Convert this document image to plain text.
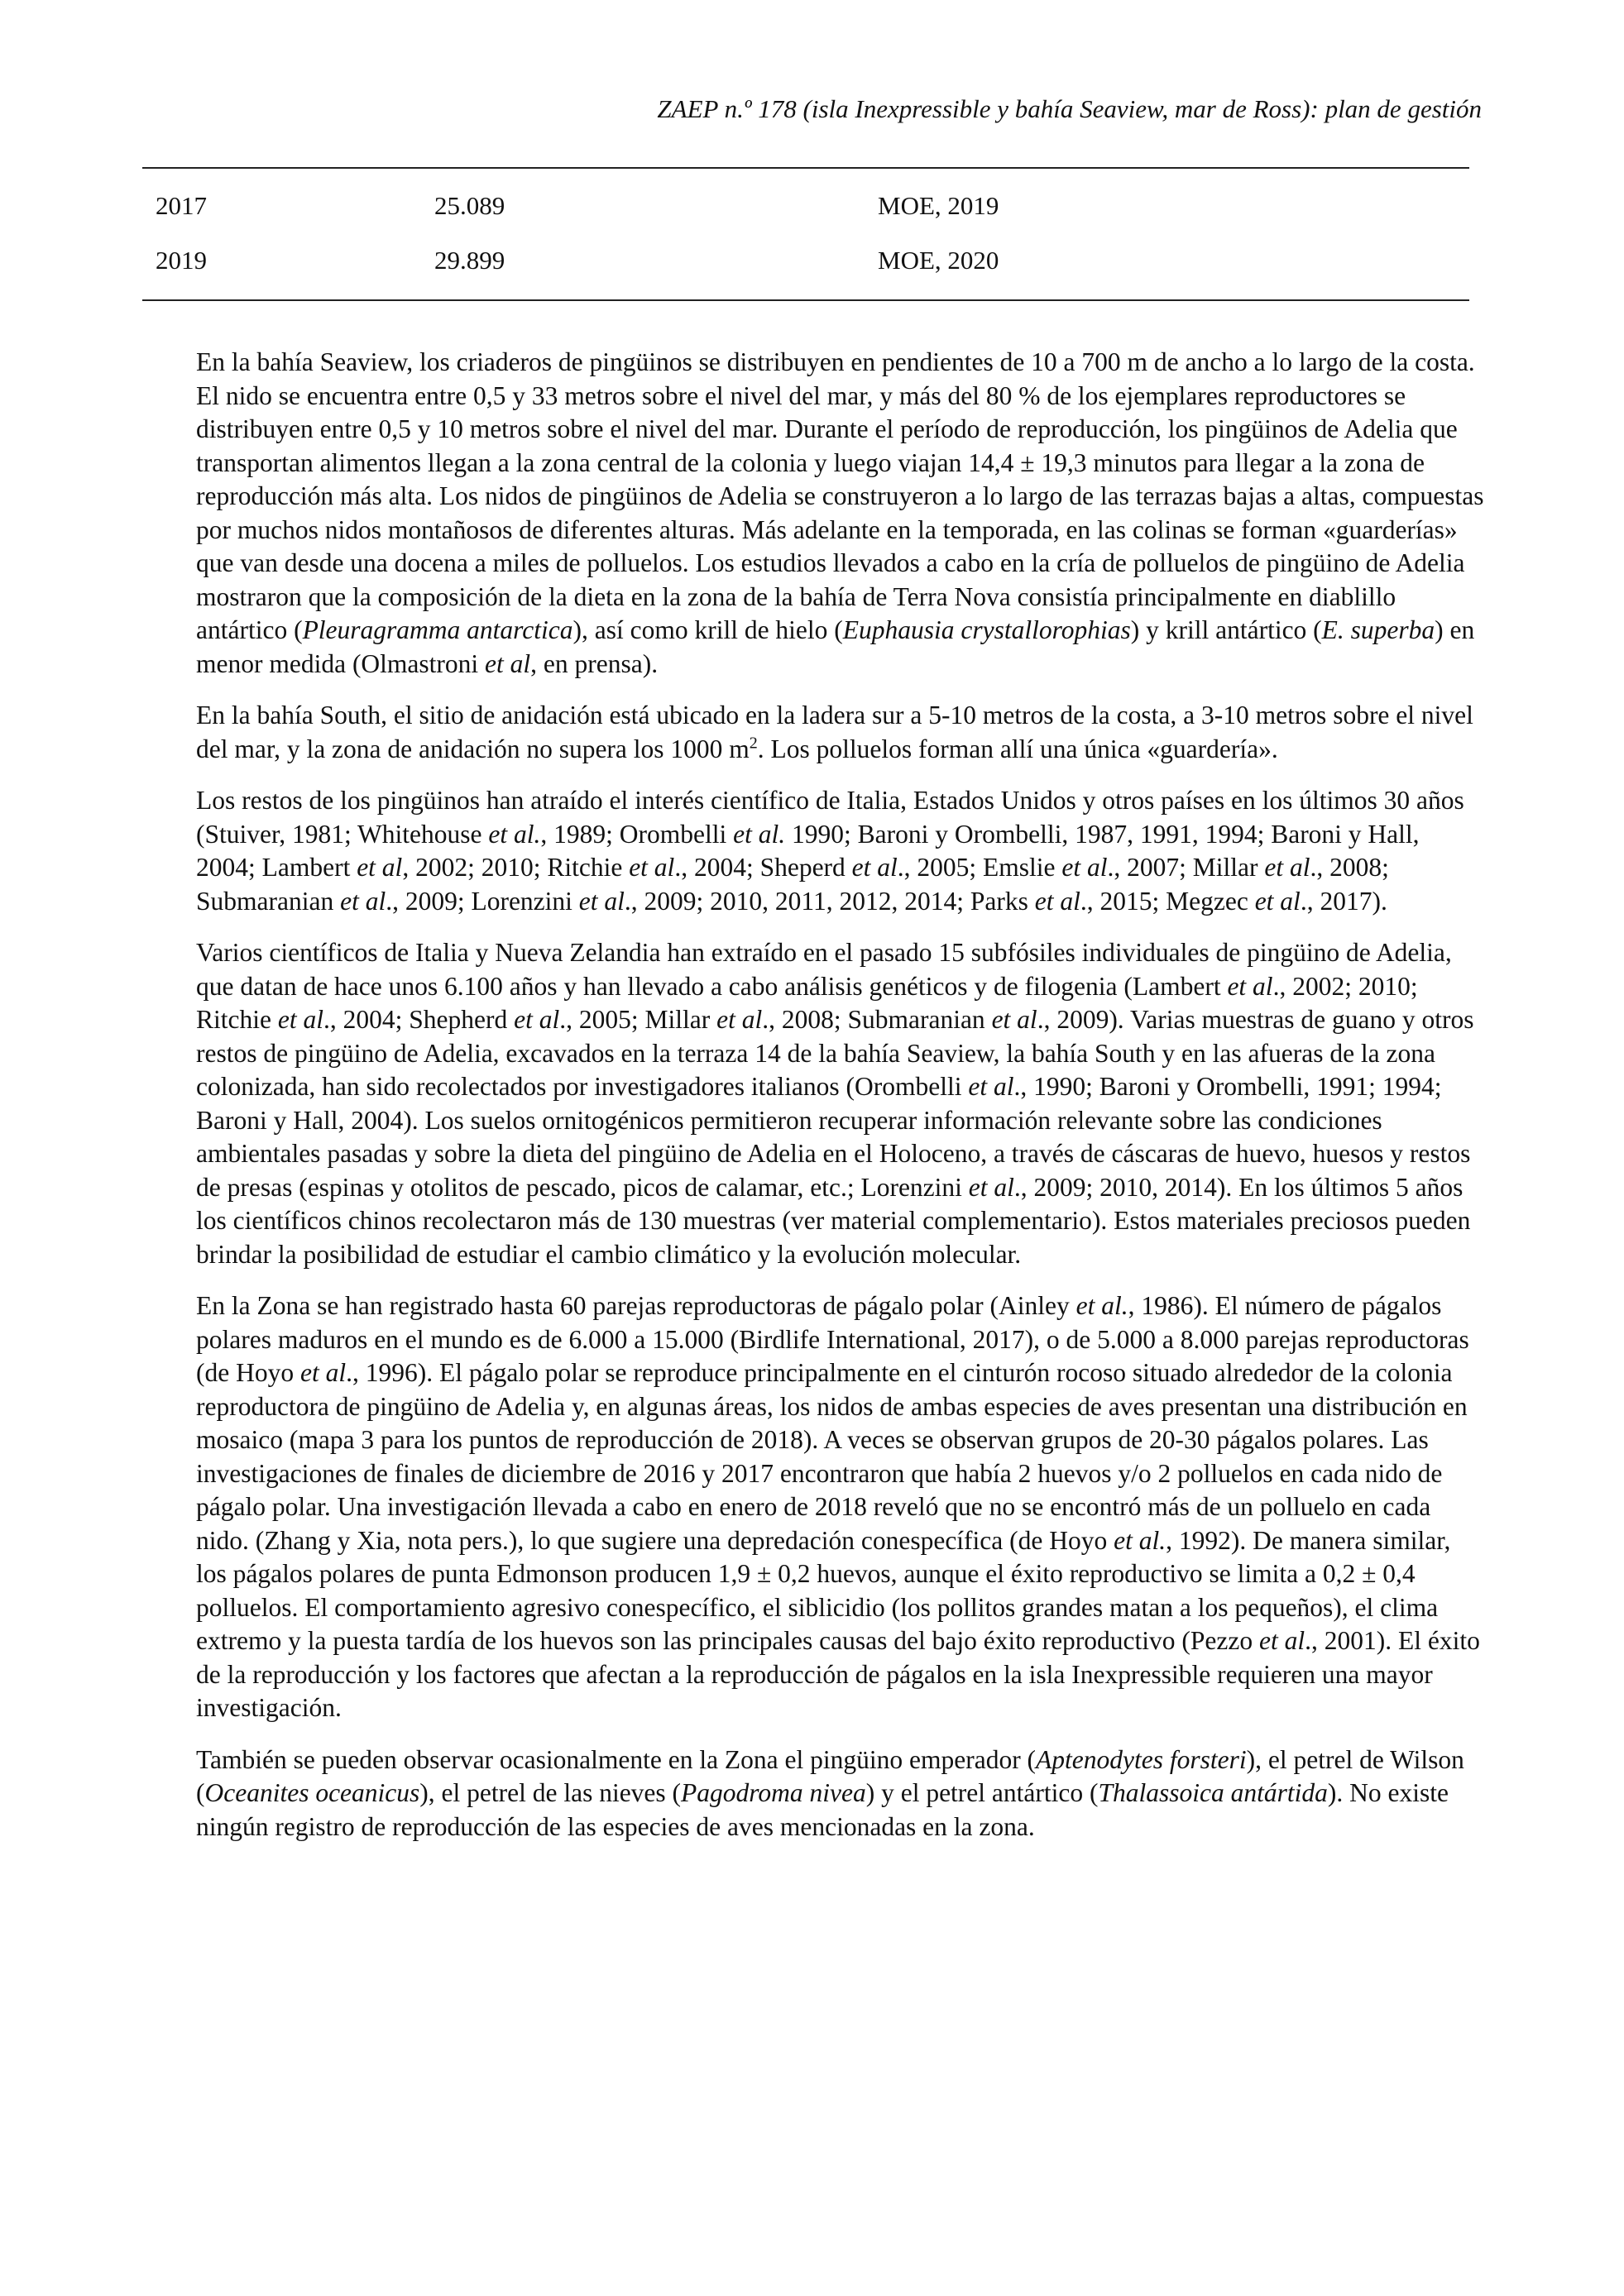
ZAEP n.º 178 (isla Inexpressible y bahía Seaview, mar de Ross): plan de gestión
2017	25.089	MOE, 2019
2019	29.899	MOE, 2020

En la bahía Seaview, los criaderos de pingüinos se distribuyen en pendientes de 10 a 700 m de ancho a lo largo de la costa. El nido se encuentra entre 0,5 y 33 metros sobre el nivel del mar, y más del 80 % de los ejemplares reproductores se distribuyen entre 0,5 y 10 metros sobre el nivel del mar. Durante el período de reproducción, los pingüinos de Adelia que transportan alimentos llegan a la zona central de la colonia y luego viajan 14,4 ± 19,3 minutos para llegar a la zona de reproducción más alta. Los nidos de pingüinos de Adelia se construyeron a lo largo de las terrazas bajas a altas, compuestas por muchos nidos montañosos de diferentes alturas. Más adelante en la temporada, en las colinas se forman «guarderías» que van desde una docena a miles de polluelos. Los estudios llevados a cabo en la cría de polluelos de pingüino de Adelia mostraron que la composición de la dieta en la zona de la bahía de Terra Nova consistía principalmente en diablillo antártico (Pleuragramma antarctica), así como krill de hielo (Euphausia crystallorophias) y krill antártico (E. superba) en menor medida (Olmastroni et al, en prensa).

En la bahía South, el sitio de anidación está ubicado en la ladera sur a 5-10 metros de la costa, a 3-10 metros sobre el nivel del mar, y la zona de anidación no supera los 1000 $m^2$. Los polluelos forman allí una única «guardería».

Los restos de los pingüinos han atraído el interés científico de Italia, Estados Unidos y otros países en los últimos 30 años (Stuiver, 1981; Whitehouse et al., 1989; Orombelli et al. 1990; Baroni y Orombelli, 1987, 1991, 1994; Baroni y Hall, 2004; Lambert et al, 2002; 2010; Ritchie et al., 2004; Sheperd et al., 2005; Emslie et al., 2007; Millar et al., 2008; Submaranian et al., 2009; Lorenzini et al., 2009; 2010, 2011, 2012, 2014; Parks et al., 2015; Megzec et al., 2017).

Varios científicos de Italia y Nueva Zelandia han extraído en el pasado 15 subfósiles individuales de pingüino de Adelia, que datan de hace unos 6.100 años y han llevado a cabo análisis genéticos y de filogenia (Lambert et al., 2002; 2010; Ritchie et al., 2004; Shepherd et al., 2005; Millar et al., 2008; Submaranian et al., 2009). Varias muestras de guano y otros restos de pingüino de Adelia, excavados en la terraza 14 de la bahía Seaview, la bahía South y en las afueras de la zona colonizada, han sido recolectados por investigadores italianos (Orombelli et al., 1990; Baroni y Orombelli, 1991; 1994; Baroni y Hall, 2004). Los suelos ornitogénicos permitieron recuperar información relevante sobre las condiciones ambientales pasadas y sobre la dieta del pingüino de Adelia en el Holoceno, a través de cáscaras de huevo, huesos y restos de presas (espinas y otolitos de pescado, picos de calamar, etc.; Lorenzini et al., 2009; 2010, 2014). En los últimos 5 años los científicos chinos recolectaron más de 130 muestras (ver material complementario). Estos materiales preciosos pueden brindar la posibilidad de estudiar el cambio climático y la evolución molecular.

En la Zona se han registrado hasta 60 parejas reproductoras de págalo polar (Ainley et al., 1986). El número de págalos polares maduros en el mundo es de 6.000 a 15.000 (Birdlife International, 2017), o de 5.000 a 8.000 parejas reproductoras (de Hoyo et al., 1996). El págalo polar se reproduce principalmente en el cinturón rocoso situado alrededor de la colonia reproductora de pingüino de Adelia y, en algunas áreas, los nidos de ambas especies de aves presentan una distribución en mosaico (mapa 3 para los puntos de reproducción de 2018). A veces se observan grupos de 20-30 págalos polares. Las investigaciones de finales de diciembre de 2016 y 2017 encontraron que había 2 huevos y/o 2 polluelos en cada nido de págalo polar. Una investigación llevada a cabo en enero de 2018 reveló que no se encontró más de un polluelo en cada nido. (Zhang y Xia, nota pers.), lo que sugiere una depredación conespecífica (de Hoyo et al., 1992). De manera similar, los págalos polares de punta Edmonson producen 1,9 ± 0,2 huevos, aunque el éxito reproductivo se limita a 0,2 ± 0,4 polluelos. El comportamiento agresivo conespecífico, el siblicidio (los pollitos grandes matan a los pequeños), el clima extremo y la puesta tardía de los huevos son las principales causas del bajo éxito reproductivo (Pezzo et al., 2001). El éxito de la reproducción y los factores que afectan a la reproducción de págalos en la isla Inexpressible requieren una mayor investigación.

También se pueden observar ocasionalmente en la Zona el pingüino emperador (Aptenodytes forsteri), el petrel de Wilson (Oceanites oceanicus), el petrel de las nieves (Pagodroma nivea) y el petrel antártico (Thalassoica antártida). No existe ningún registro de reproducción de las especies de aves mencionadas en la zona.
